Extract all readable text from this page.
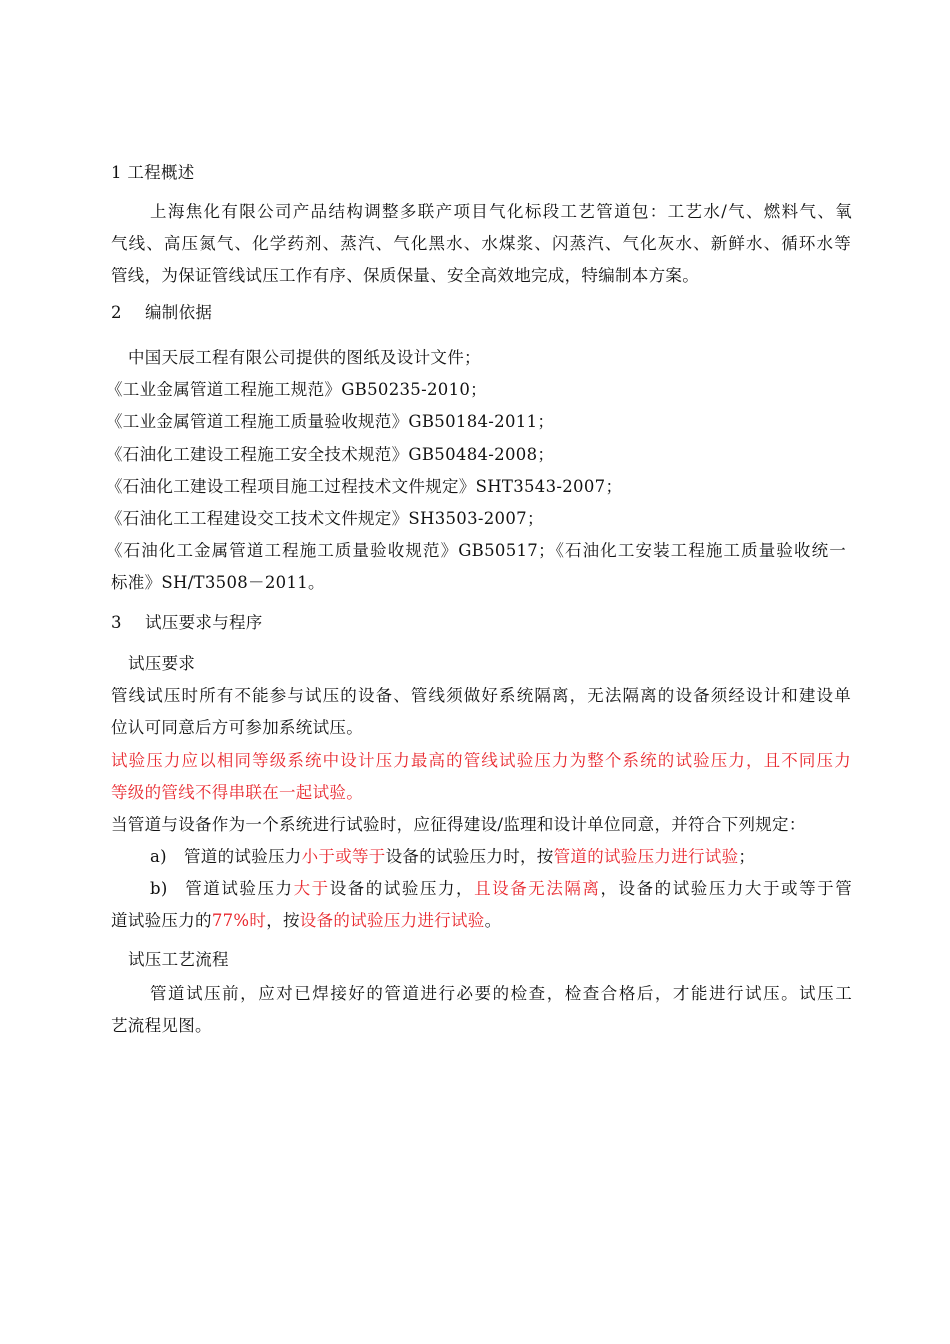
1 工程概述
上海焦化有限公司产品结构调整多联产项目气化标段工艺管道包：工艺水/气、燃料气、氧
气线、高压氮气、化学药剂、蒸汽、气化黑水、水煤浆、闪蒸汽、气化灰水、新鲜水、循环水等
管线，为保证管线试压工作有序、保质保量、安全高效地完成，特编制本方案。
2 编制依据
中国天辰工程有限公司提供的图纸及设计文件；
《工业金属管道工程施工规范》GB50235-2010；
《工业金属管道工程施工质量验收规范》GB50184-2011；
《石油化工建设工程施工安全技术规范》GB50484-2008；
《石油化工建设工程项目施工过程技术文件规定》SHT3543-2007；
《石油化工工程建设交工技术文件规定》SH3503-2007；
《石油化工金属管道工程施工质量验收规范》GB50517；《石油化工安装工程施工质量验收统一
标准》SH/T3508－2011。
3 试压要求与程序
试压要求
管线试压时所有不能参与试压的设备、管线须做好系统隔离，无法隔离的设备须经设计和建设单
位认可同意后方可参加系统试压。
试验压力应以相同等级系统中设计压力最高的管线试验压力为整个系统的试验压力，且不同压力
等级的管线不得串联在一起试验。
当管道与设备作为一个系统进行试验时，应征得建设/监理和设计单位同意，并符合下列规定：
a) 管道的试验压力小于或等于设备的试验压力时，按管道的试验压力进行试验；
b) 管道试验压力大于设备的试验压力，且设备无法隔离，设备的试验压力大于或等于管
道试验压力的77%时，按设备的试验压力进行试验。
试压工艺流程
管道试压前，应对已焊接好的管道进行必要的检查，检查合格后，才能进行试压。试压工
艺流程见图。
